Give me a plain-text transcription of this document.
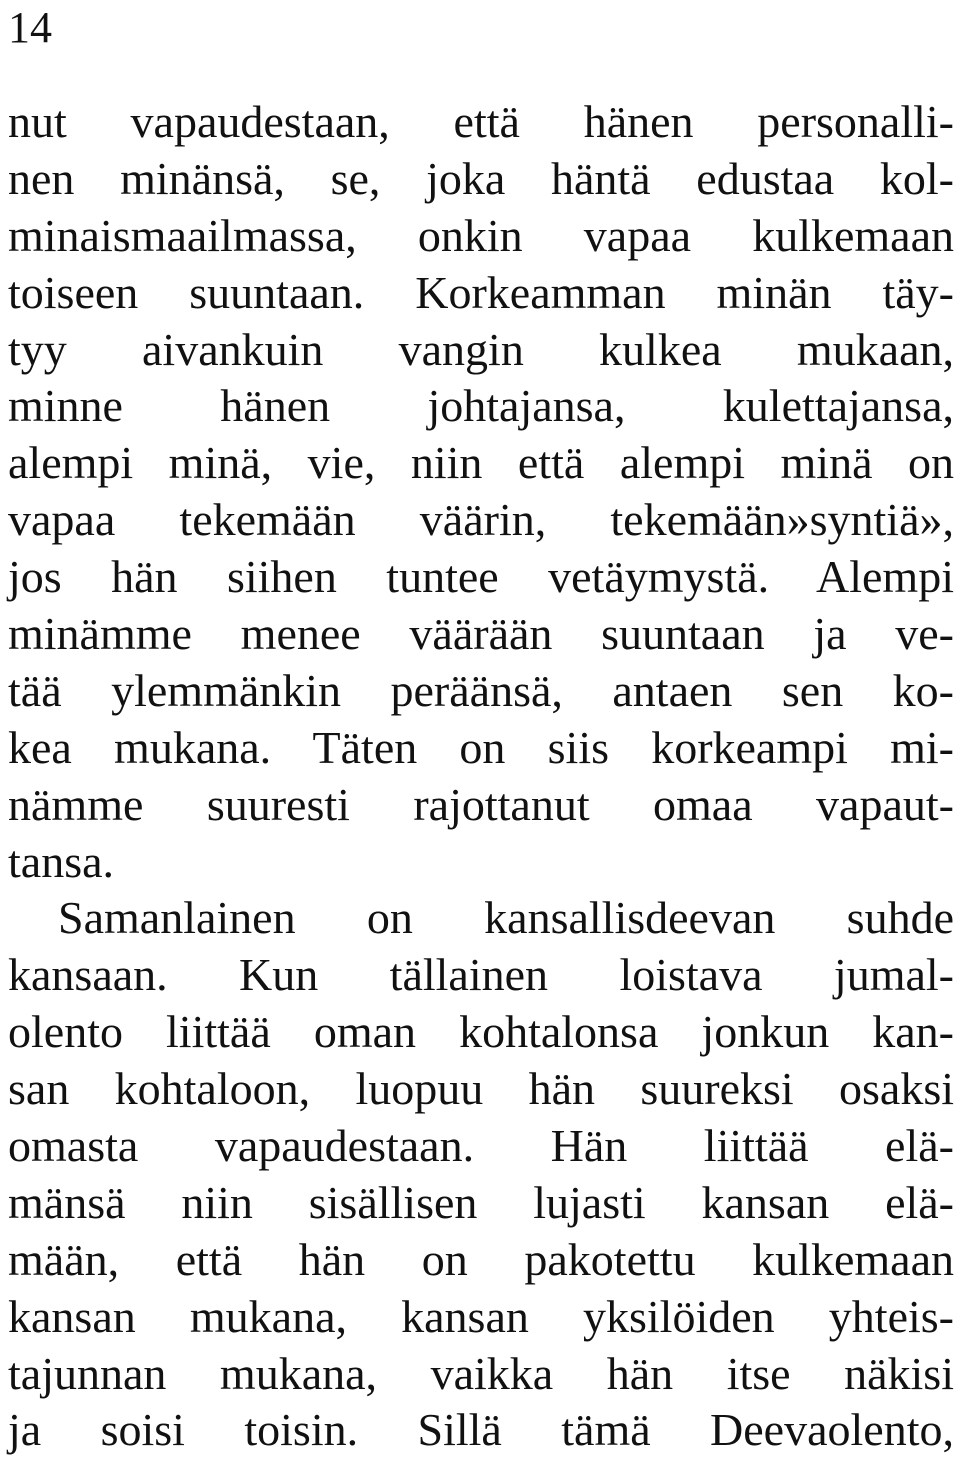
14
nut vapaudestaan, että hänen personalli-
nen minänsä, se, joka häntä edustaa kol-
minaismaailmassa, onkin vapaa kulkemaan
toiseen suuntaan. Korkeamman minän täy-
tyy aivankuin vangin kulkea mukaan,
minne hänen johtajansa, kulettajansa,
alempi minä, vie, niin että alempi minä on
vapaa tekemään väärin, tekemään»syntiä»,
jos hän siihen tuntee vetäymystä. Alempi
minämme menee väärään suuntaan ja ve-
tää ylemmänkin peräänsä, antaen sen ko-
kea mukana. Täten on siis korkeampi mi-
nämme suuresti rajottanut omaa vapaut-
tansa.
Samanlainen on kansallisdeevan suhde
kansaan. Kun tällainen loistava jumal-
olento liittää oman kohtalonsa jonkun kan-
san kohtaloon, luopuu hän suureksi osaksi
omasta vapaudestaan. Hän liittää elä-
mänsä niin sisällisen lujasti kansan elä-
mään, että hän on pakotettu kulkemaan
kansan mukana, kansan yksilöiden yhteis-
tajunnan mukana, vaikka hän itse näkisi
ja soisi toisin. Sillä tämä Deevaolento,
